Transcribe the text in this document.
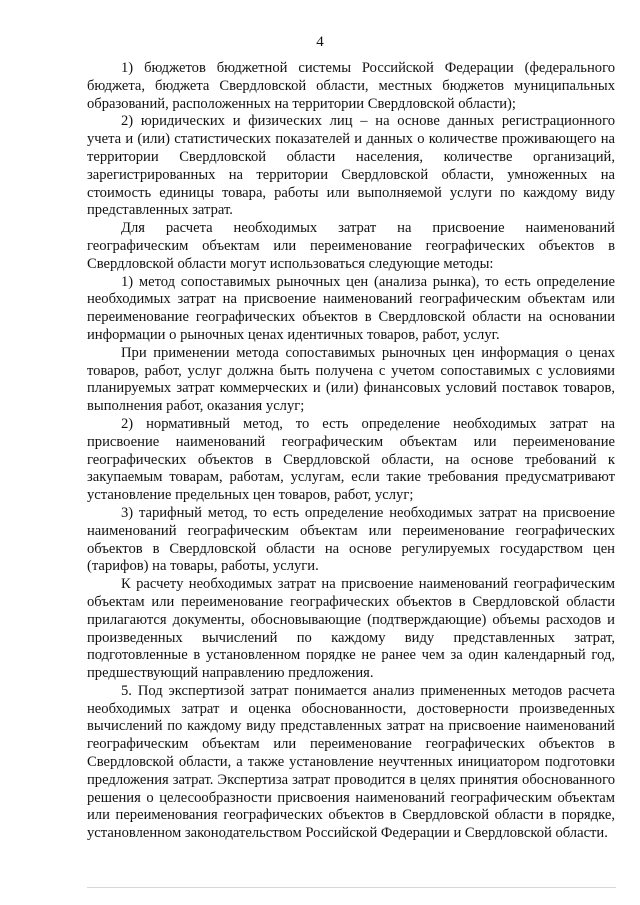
4

1) бюджетов бюджетной системы Российской Федерации (федерального бюджета, бюджета Свердловской области, местных бюджетов муниципальных образований, расположенных на территории Свердловской области);

2) юридических и физических лиц – на основе данных регистрационного учета и (или) статистических показателей и данных о количестве проживающего на территории Свердловской области населения, количестве организаций, зарегистрированных на территории Свердловской области, умноженных на стоимость единицы товара, работы или выполняемой услуги по каждому виду представленных затрат.

Для расчета необходимых затрат на присвоение наименований географическим объектам или переименование географических объектов в Свердловской области могут использоваться следующие методы:

1) метод сопоставимых рыночных цен (анализа рынка), то есть определение необходимых затрат на присвоение наименований географическим объектам или переименование географических объектов в Свердловской области на основании информации о рыночных ценах идентичных товаров, работ, услуг.

При применении метода сопоставимых рыночных цен информация о ценах товаров, работ, услуг должна быть получена с учетом сопоставимых с условиями планируемых затрат коммерческих и (или) финансовых условий поставок товаров, выполнения работ, оказания услуг;

2) нормативный метод, то есть определение необходимых затрат на присвоение наименований географическим объектам или переименование географических объектов в Свердловской области, на основе требований к закупаемым товарам, работам, услугам, если такие требования предусматривают установление предельных цен товаров, работ, услуг;

3) тарифный метод, то есть определение необходимых затрат на присвоение наименований географическим объектам или переименование географических объектов в Свердловской области на основе регулируемых государством цен (тарифов) на товары, работы, услуги.

К расчету необходимых затрат на присвоение наименований географическим объектам или переименование географических объектов в Свердловской области прилагаются документы, обосновывающие (подтверждающие) объемы расходов и произведенных вычислений по каждому виду представленных затрат, подготовленные в установленном порядке не ранее чем за один календарный год, предшествующий направлению предложения.

5. Под экспертизой затрат понимается анализ примененных методов расчета необходимых затрат и оценка обоснованности, достоверности произведенных вычислений по каждому виду представленных затрат на присвоение наименований географическим объектам или переименование географических объектов в Свердловской области, а также установление неучтенных инициатором подготовки предложения затрат. Экспертиза затрат проводится в целях принятия обоснованного решения о целесообразности присвоения наименований географическим объектам или переименования географических объектов в Свердловской области в порядке, установленном законодательством Российской Федерации и Свердловской области.
